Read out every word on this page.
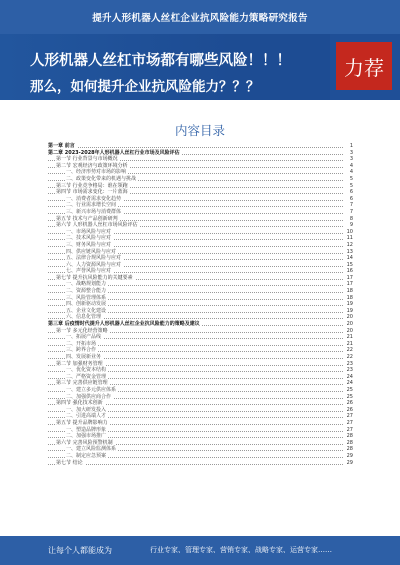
提升人形机器人丝杠企业抗风险能力策略研究报告
人形机器人丝杠市场都有哪些风险！！！
那么，如何提升企业抗风险能力？？？
力荐
内容目录
第一章 前言	1
第二章 2023-2028年人形机器人丝杠行业市场及风险评估	3
第一节 行业背景与市场概况	3
第二节 宏观经济与政策环境分析	4
一、经济形势对市场的影响	4
二、政策变化带来的机遇与挑战	5
第三节 行业竞争格局：谁在领跑	5
第四节 市场需求变化：一片蓝海	6
一、消费者需求变化趋势	6
二、行业需求增长空间	7
三、新兴市场与消费群体	7
第五节 技术与产品创新研判	8
第六节 人形机器人丝杠市场风险评估	9
一、市场风险与应对	10
二、技术风险与应对	11
三、财务风险与应对	12
四、供应链风险与应对	13
五、法律合规风险与应对	14
六、人力资源风险与应对	15
七、声誉风险与应对	16
第七节 提升抗风险能力的关键要素	17
一、战略规划能力	17
二、资源整合能力	18
三、风险管理体系	18
四、创新驱动发展	19
五、企业文化建设	19
六、信息化管理	20
第三章 后疫情时代提升人形机器人丝杠企业抗风险能力的策略及建议	20
第一节 多元化经营策略	20
一、拓展产品线	21
二、开拓市场	21
三、跨界合作	22
四、发展新业务	22
第二节 加强财务管理	23
一、优化资本结构	23
二、严格资金管理	24
第三节 完善供应链管理	24
一、建立多元供应体系	25
二、加强供应商合作	25
第四节 强化技术创新	26
一、加大研发投入	26
二、引进高端人才	27
第五节 提升品牌影响力	27
一、塑造品牌形象	27
二、加强市场推广	28
第六节 完善风险预警机制	28
一、建立风险监测体系	28
二、制定应急预案	29
第七节 结论	29
让每个人都能成为	行业专家、管理专家、营销专家、战略专家、运营专家……
